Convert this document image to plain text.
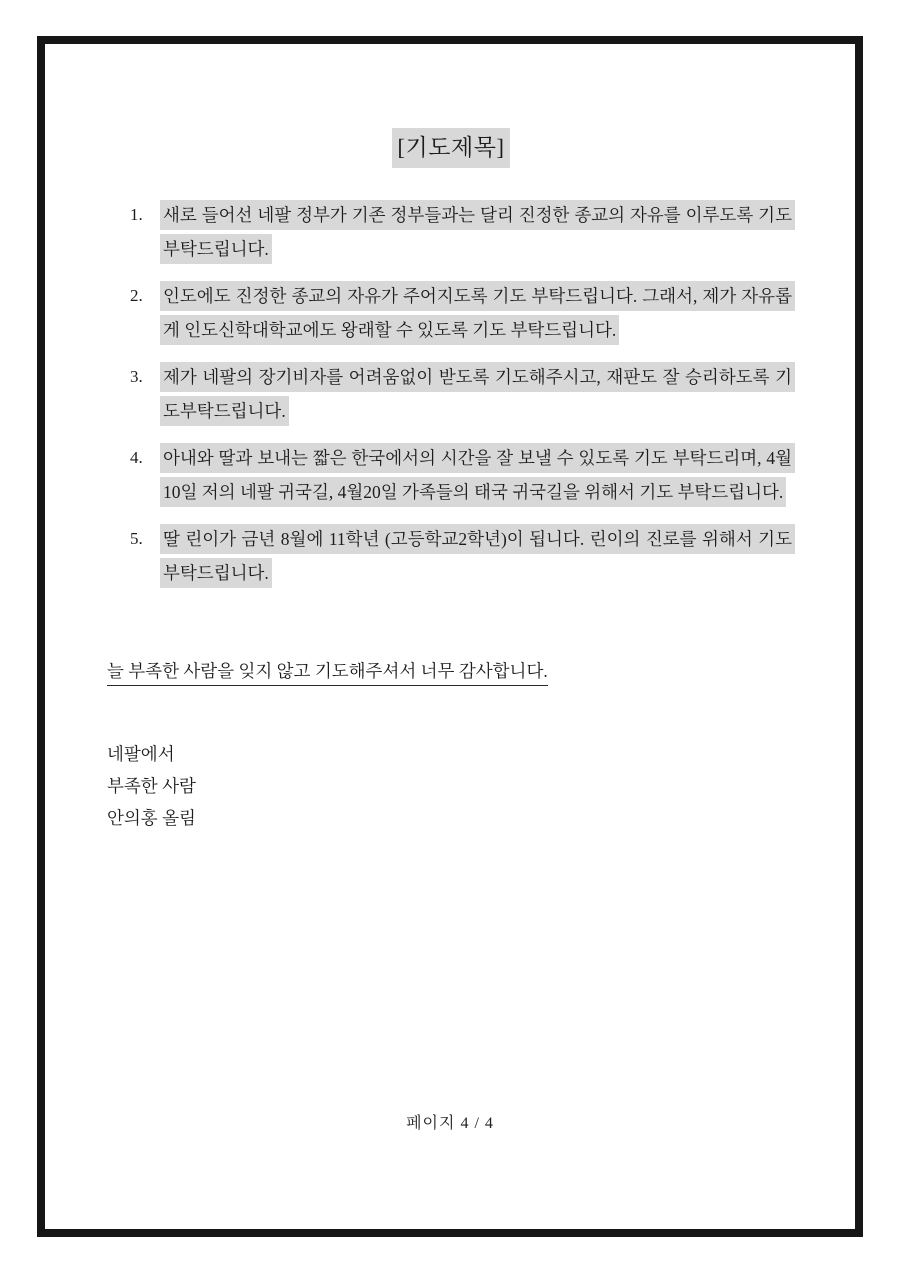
[기도제목]
1. 새로 들어선 네팔 정부가 기존 정부들과는 달리 진정한 종교의 자유를 이루도록 기도 부탁드립니다.
2. 인도에도 진정한 종교의 자유가 주어지도록 기도 부탁드립니다. 그래서, 제가 자유롭게 인도신학대학교에도 왕래할 수 있도록 기도 부탁드립니다.
3. 제가 네팔의 장기비자를 어려움없이 받도록 기도해주시고, 재판도 잘 승리하도록 기도부탁드립니다.
4. 아내와 딸과 보내는 짧은 한국에서의 시간을 잘 보낼 수 있도록 기도 부탁드리며, 4월10일 저의 네팔 귀국길, 4월20일 가족들의 태국 귀국길을 위해서 기도 부탁드립니다.
5. 딸 린이가 금년 8월에 11학년 (고등학교2학년)이 됩니다. 린이의 진로를 위해서 기도 부탁드립니다.
늘 부족한 사람을 잊지 않고 기도해주셔서 너무 감사합니다.
네팔에서
부족한 사람
안의홍 올림
페이지 4 / 4
